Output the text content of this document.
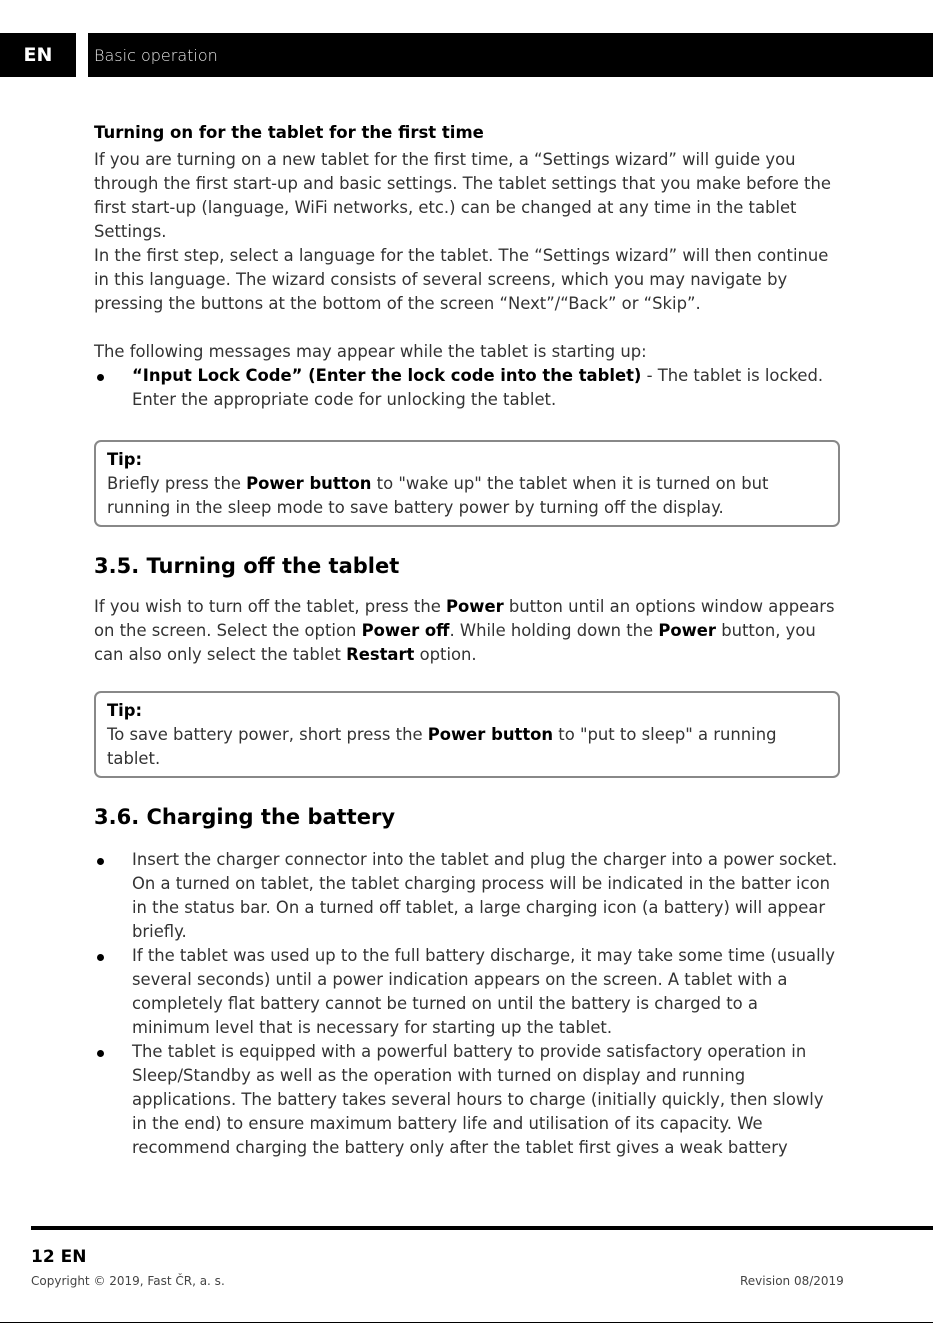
EN	Basic operation

Turning on for the tablet for the first time

If you are turning on a new tablet for the first time, a “Settings wizard” will guide you through the first start-up and basic settings. The tablet settings that you make before the first start-up (language, WiFi networks, etc.) can be changed at any time in the tablet Settings.

In the first step, select a language for the tablet. The “Settings wizard” will then continue in this language. The wizard consists of several screens, which you may navigate by pressing the buttons at the bottom of the screen “Next”/“Back” or “Skip”.

The following messages may appear while the tablet is starting up:

“Input Lock Code” (Enter the lock code into the tablet) - The tablet is locked. Enter the appropriate code for unlocking the tablet.
Tip:
Briefly press the Power button to "wake up" the tablet when it is turned on but running in the sleep mode to save battery power by turning off the display.

3.5. Turning off the tablet

If you wish to turn off the tablet, press the Power button until an options window appears on the screen. Select the option Power off. While holding down the Power button, you can also only select the tablet Restart option.

Tip:
To save battery power, short press the Power button to "put to sleep" a running tablet.

3.6. Charging the battery

Insert the charger connector into the tablet and plug the charger into a power socket. On a turned on tablet, the tablet charging process will be indicated in the batter icon in the status bar. On a turned off tablet, a large charging icon (a battery) will appear briefly.
If the tablet was used up to the full battery discharge, it may take some time (usually several seconds) until a power indication appears on the screen. A tablet with a completely flat battery cannot be turned on until the battery is charged to a minimum level that is necessary for starting up the tablet.
The tablet is equipped with a powerful battery to provide satisfactory operation in Sleep/Standby as well as the operation with turned on display and running applications. The battery takes several hours to charge (initially quickly, then slowly in the end) to ensure maximum battery life and utilisation of its capacity. We recommend charging the battery only after the tablet first gives a weak battery
12 EN
Copyright © 2019, Fast ČR, a. s.	Revision 08/2019
